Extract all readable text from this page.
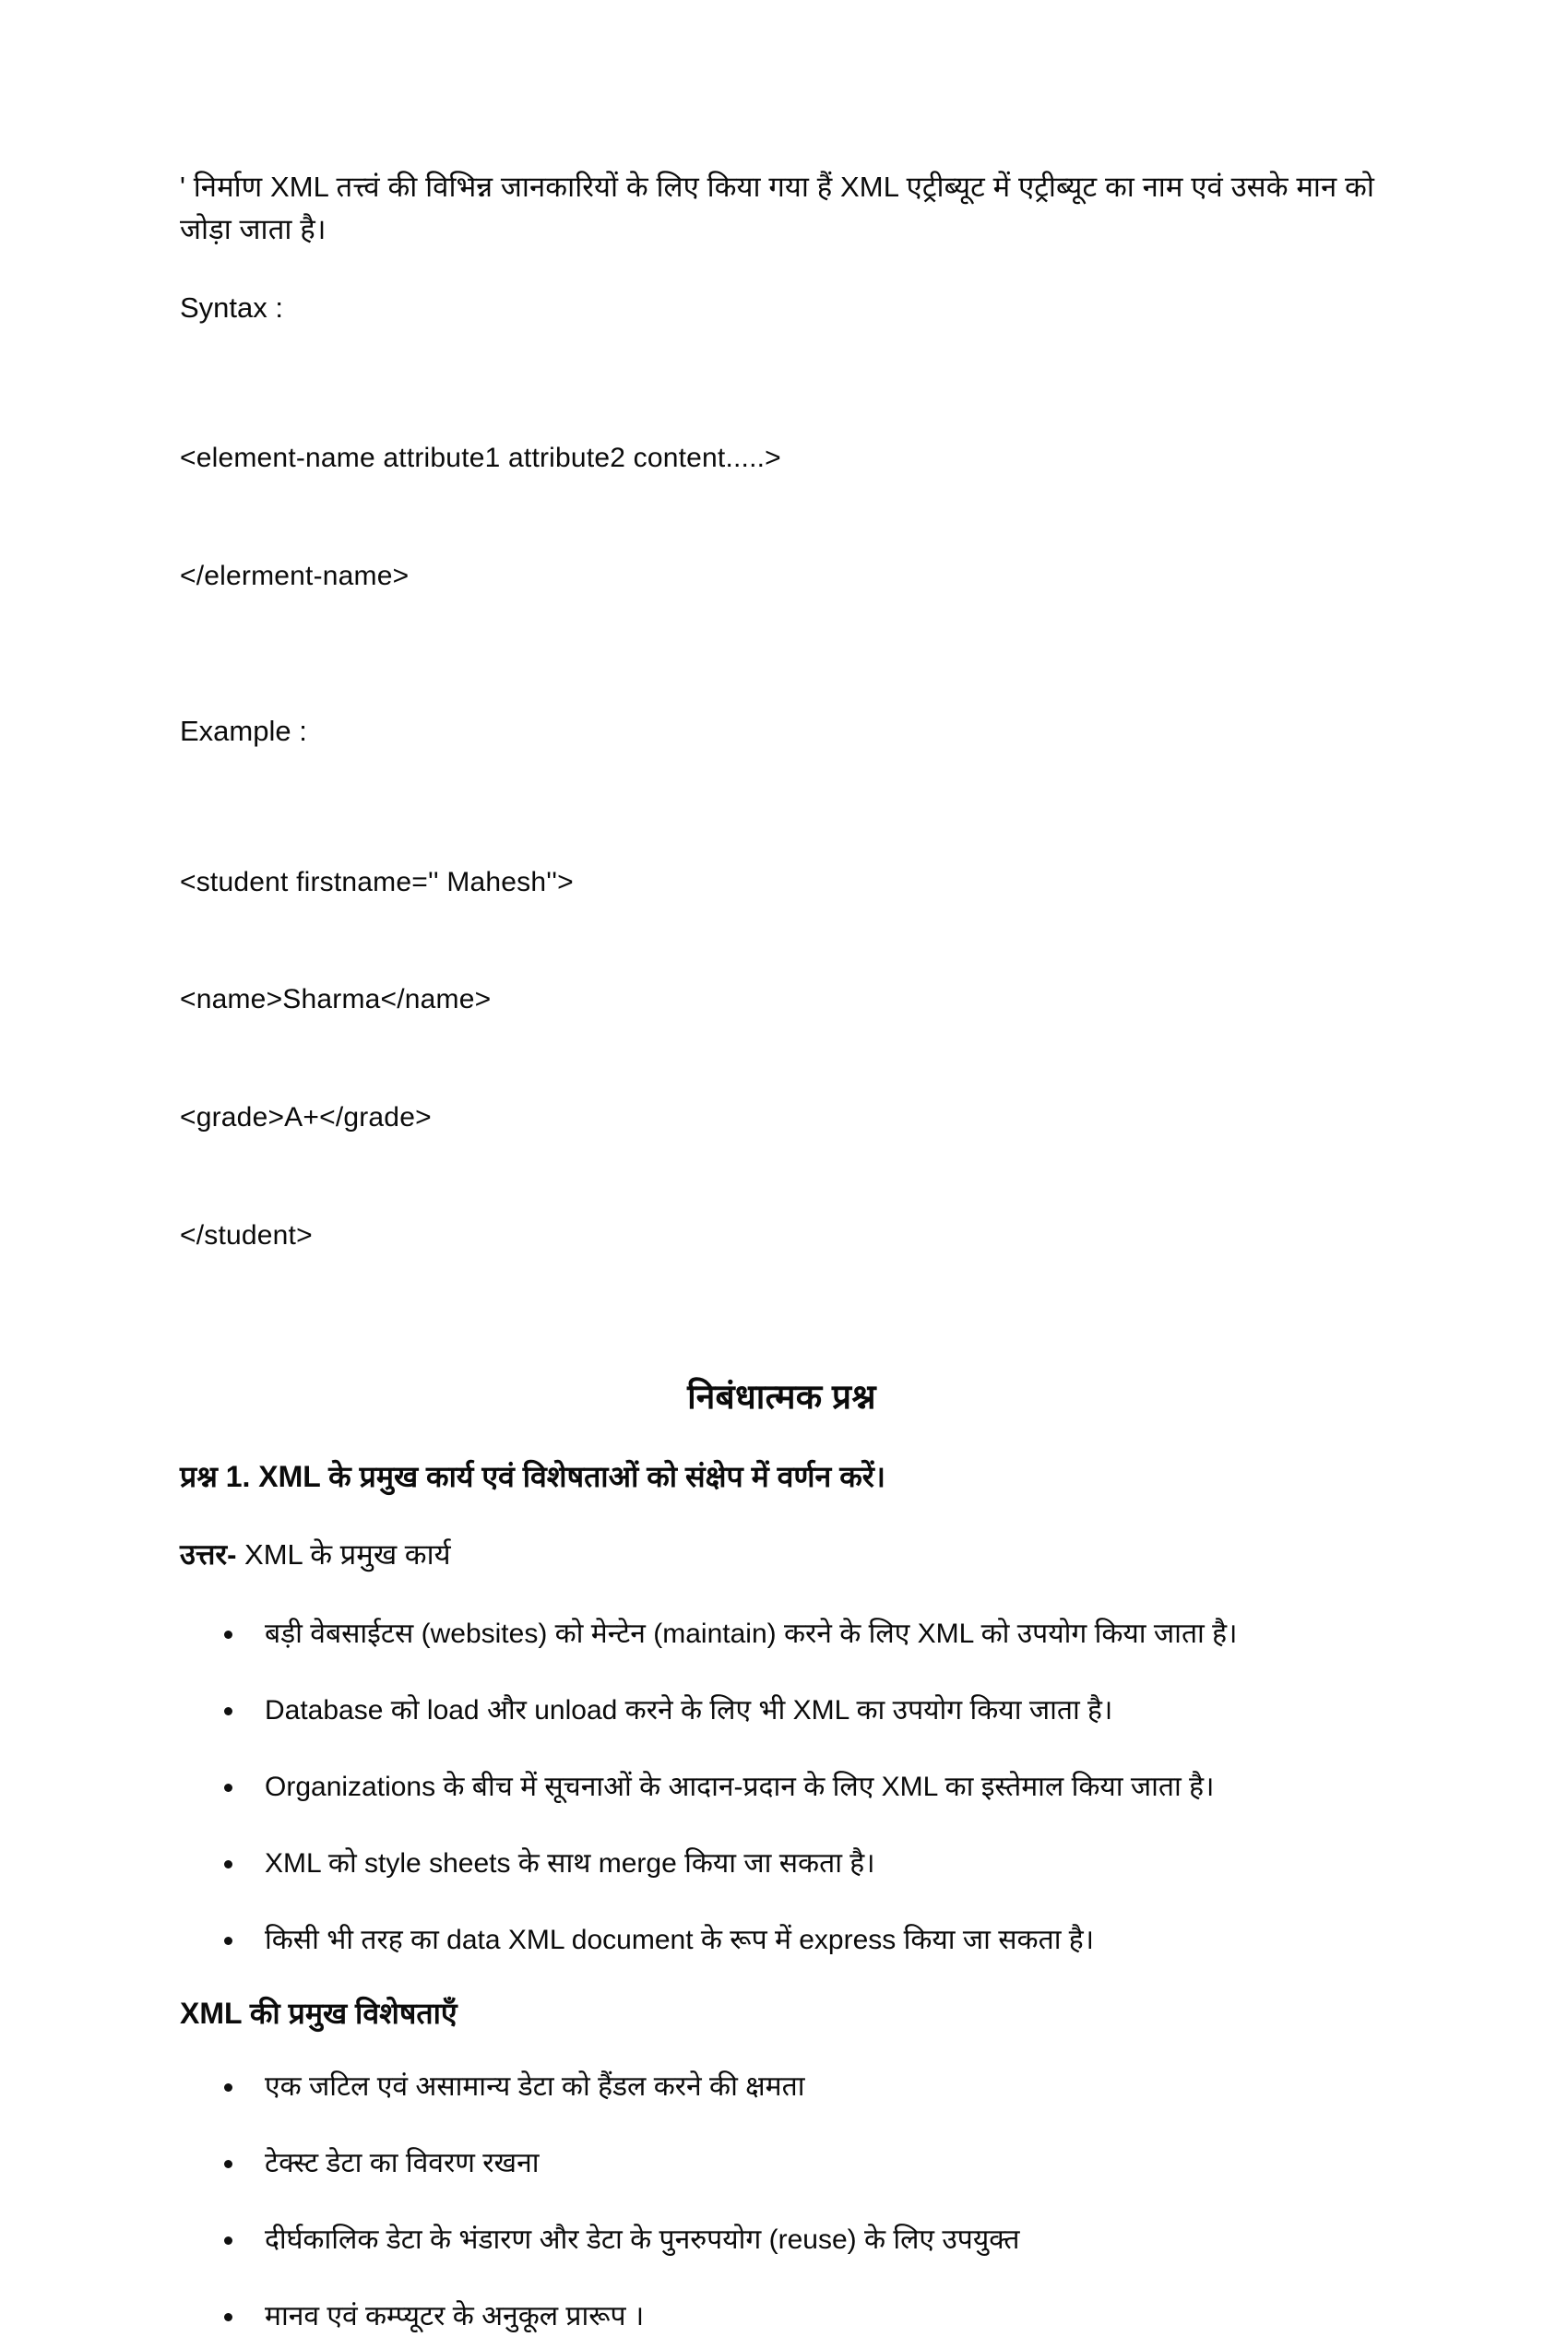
' निर्माण XML तत्त्वं की विभिन्न जानकारियों के लिए किया गया हैं XML एट्रीब्यूट में एट्रीब्यूट का नाम एवं उसके मान को जोड़ा जाता है।

Syntax :

<element-name attribute1 attribute2 content.....>

</elerment-name>

Example :

<student firstname='' Mahesh''>

<name>Sharma</name>

<grade>A+</grade>

</student>

निबंधात्मक प्रश्न

प्रश्न 1. XML के प्रमुख कार्य एवं विशेषताओं को संक्षेप में वर्णन करें।

उत्तर- XML के प्रमुख कार्य

बड़ी वेबसाईटस (websites) को मेन्टेन (maintain) करने के लिए XML को उपयोग किया जाता है।
Database को load और unload करने के लिए भी XML का उपयोग किया जाता है।
Organizations के बीच में सूचनाओं के आदान-प्रदान के लिए XML का इस्तेमाल किया जाता है।
XML को style sheets के साथ merge किया जा सकता है।
किसी भी तरह का data XML document के रूप में express किया जा सकता है।
XML की प्रमुख विशेषताएँ
एक जटिल एवं असामान्य डेटा को हैंडल करने की क्षमता
टेक्स्ट डेटा का विवरण रखना
दीर्घकालिक डेटा के भंडारण और डेटा के पुनरुपयोग (reuse) के लिए उपयुक्त
मानव एवं कम्प्यूटर के अनुकूल प्रारूप ।
